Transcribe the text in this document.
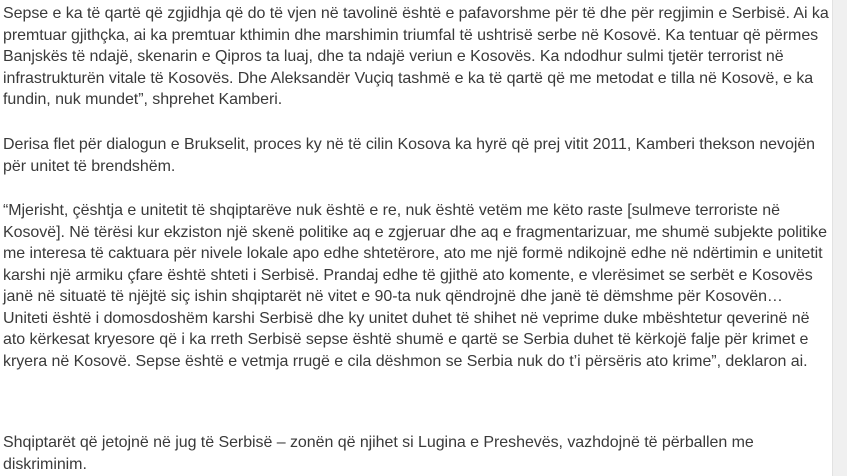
Sepse e ka të qartë që zgjidhja që do të vjen në tavolinë është e pafavorshme për të dhe për regjimin e Serbisë. Ai ka premtuar gjithçka, ai ka premtuar kthimin dhe marshimin triumfal të ushtrisë serbe në Kosovë. Ka tentuar që përmes Banjskës të ndajë, skenarin e Qipros ta luaj, dhe ta ndajë veriun e Kosovës. Ka ndodhur sulmi tjetër terrorist në infrastrukturën vitale të Kosovës. Dhe Aleksandër Vuçiq tashmë e ka të qartë që me metodat e tilla në Kosovë, e ka fundin, nuk mundet”, shprehet Kamberi.

Derisa flet për dialogun e Brukselit, proces ky në të cilin Kosova ka hyrë që prej vitit 2011, Kamberi thekson nevojën për unitet të brendshëm.

“Mjerisht, çështja e unitetit të shqiptarëve nuk është e re, nuk është vetëm me këto raste [sulmeve terroriste në Kosovë]. Në tërësi kur ekziston një skenë politike aq e zgjeruar dhe aq e fragmentarizuar, me shumë subjekte politike me interesa të caktuara për nivele lokale apo edhe shtetërore, ato me një formë ndikojnë edhe në ndërtimin e unitetit karshi një armiku çfare është shteti i Serbisë. Prandaj edhe të gjithë ato komente, e vlerësimet se serbët e Kosovës janë në situatë të njëjtë siç ishin shqiptarët në vitet e 90-ta nuk qëndrojnë dhe janë të dëmshme për Kosovën… Uniteti është i domosdoshëm karshi Serbisë dhe ky unitet duhet të shihet në veprime duke mbështetur qeverinë në ato kërkesat kryesore që i ka rreth Serbisë sepse është shumë e qartë se Serbia duhet të kërkojë falje për krimet e kryera në Kosovë. Sepse është e vetmja rrugë e cila dëshmon se Serbia nuk do t’i përsëris ato krime”, deklaron ai.

Shqiptarët që jetojnë në jug të Serbisë – zonën që njihet si Lugina e Preshevës, vazhdojnë të përballen me diskriminim.
